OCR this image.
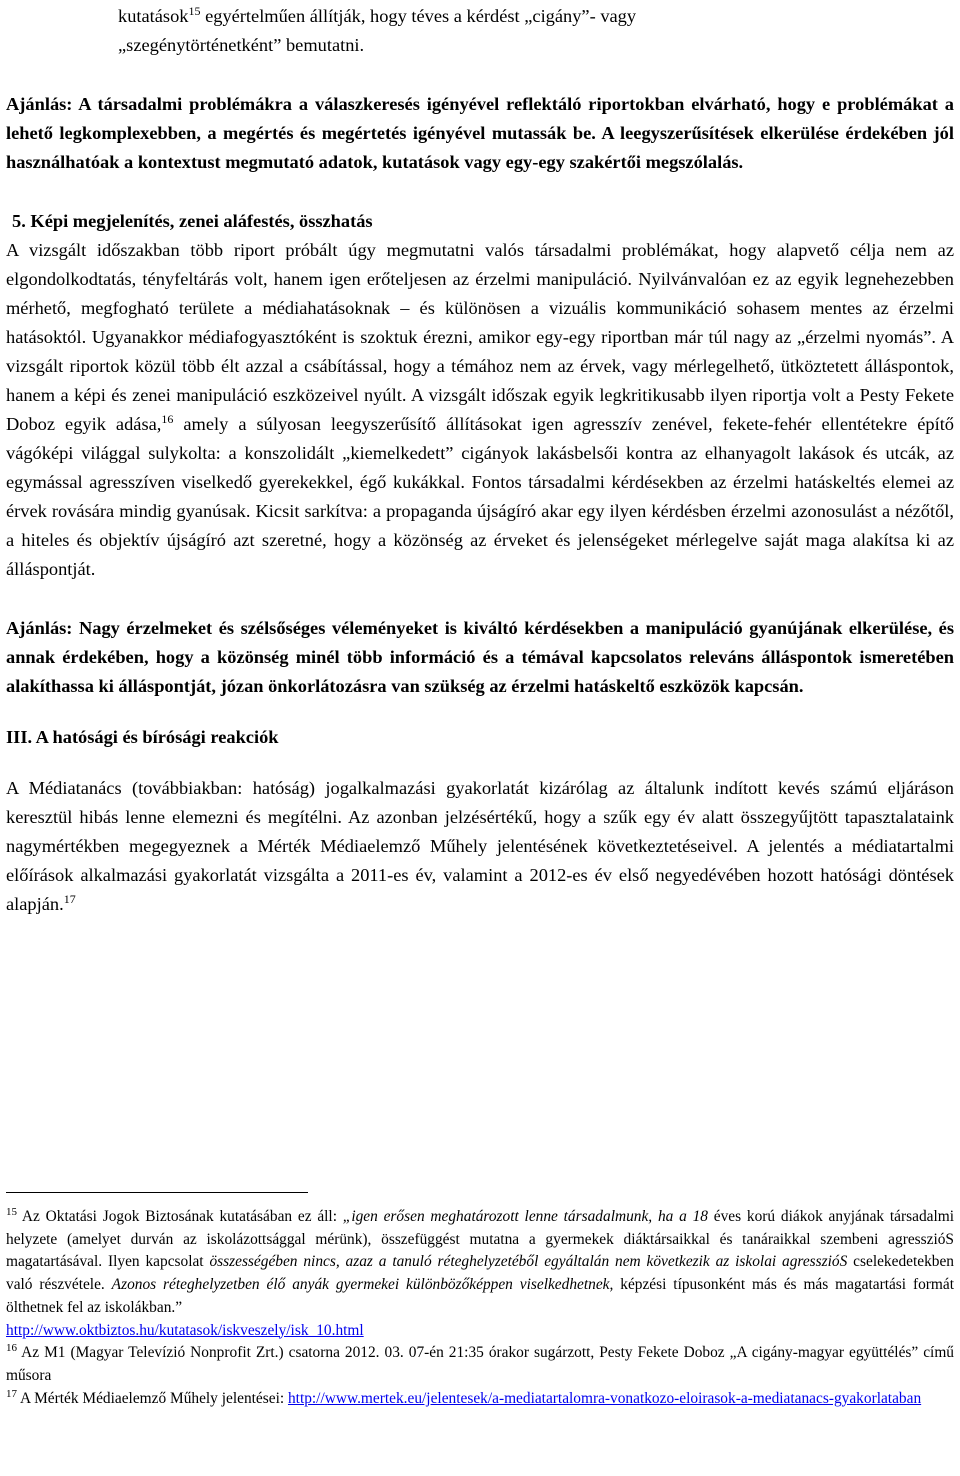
kutatások$^{15}$ egyértelműen állítják, hogy téves a kérdést „cigány”- vagy
„szegénytörténetként” bemutatni.

Ajánlás: A társadalmi problémákra a válaszkeresés igényével reflektáló riportokban elvárható, hogy e problémákat a lehető legkomplexebben, a megértés és megértetés igényével mutassák be. A leegyszerűsítések elkerülése érdekében jól használhatóak a kontextust megmutató adatok, kutatások vagy egy-egy szakértői megszólalás.

5. Képi megjelenítés, zenei aláfestés, összhatás

A vizsgált időszakban több riport próbált úgy megmutatni valós társadalmi problémákat, hogy alapvető célja nem az elgondolkodtatás, tényfeltárás volt, hanem igen erőteljesen az érzelmi manipuláció. Nyilvánvalóan ez az egyik legnehezebben mérhető, megfogható területe a médiahatásoknak – és különösen a vizuális kommunikáció sohasem mentes az érzelmi hatásoktól. Ugyanakkor médiafogyasztóként is szoktuk érezni, amikor egy-egy riportban már túl nagy az „érzelmi nyomás”. A vizsgált riportok közül több élt azzal a csábítással, hogy a témához nem az érvek, vagy mérlegelhető, ütköztetett álláspontok, hanem a képi és zenei manipuláció eszközeivel nyúlt. A vizsgált időszak egyik legkritikusabb ilyen riportja volt a Pesty Fekete Doboz egyik adása,$^{16}$ amely a súlyosan leegyszerűsítő állításokat igen agresszív zenével, fekete-fehér ellentétekre építő vágóképi világgal sulykolta: a konszolidált „kiemelkedett” cigányok lakásbelsői kontra az elhanyagolt lakások és utcák, az egymással agresszíven viselkedő gyerekekkel, égő kukákkal. Fontos társadalmi kérdésekben az érzelmi hatáskeltés elemei az érvek rovására mindig gyanúsak. Kicsit sarkítva: a propaganda újságíró akar egy ilyen kérdésben érzelmi azonosulást a nézőtől, a hiteles és objektív újságíró azt szeretné, hogy a közönség az érveket és jelenségeket mérlegelve saját maga alakítsa ki az álláspontját.

Ajánlás: Nagy érzelmeket és szélsőséges véleményeket is kiváltó kérdésekben a manipuláció gyanújának elkerülése, és annak érdekében, hogy a közönség minél több információ és a témával kapcsolatos releváns álláspontok ismeretében alakíthassa ki álláspontját, józan önkorlátozásra van szükség az érzelmi hatáskeltő eszközök kapcsán.

III. A hatósági és bírósági reakciók

A Médiatanács (továbbiakban: hatóság) jogalkalmazási gyakorlatát kizárólag az általunk indított kevés számú eljáráson keresztül hibás lenne elemezni és megítélni. Az azonban jelzésértékű, hogy a szűk egy év alatt összegyűjtött tapasztalataink nagymértékben megegyeznek a Mérték Médiaelemző Műhely jelentésének következtetéseivel. A jelentés a médiatartalmi előírások alkalmazási gyakorlatát vizsgálta a 2011-es év, valamint a 2012-es év első negyedévében hozott hatósági döntések alapján.$^{17}$

$^{15}$ Az Oktatási Jogok Biztosának kutatásában ez áll: „igen erősen meghatározott lenne társadalmunk, ha a 18 éves korú diákok anyjának társadalmi helyzete (amelyet durván az iskolázottsággal mérünk), összefüggést mutatna a gyermekek diáktársaikkal és tanáraikkal szembeni agresszióS magatartásával. Ilyen kapcsolat összességében nincs, azaz a tanuló réteghelyzetéből egyáltalán nem következik az iskolai agresszióS cselekedetekben való részvétele. Azonos réteghelyzetben élő anyák gyermekei különbözőképpen viselkedhetnek, képzési típusonként más és más magatartási formát ölthetnek fel az iskolákban.”
http://www.oktbiztos.hu/kutatasok/iskveszely/isk_10.html

$^{16}$ Az M1 (Magyar Televízió Nonprofit Zrt.) csatorna 2012. 03. 07-én 21:35 órakor sugárzott, Pesty Fekete Doboz „A cigány-magyar együttélés” című műsora

$^{17}$ A Mérték Médiaelemző Műhely jelentései: http://www.mertek.eu/jelentesek/a-mediatartalomra-vonatkozo-eloirasok-a-mediatanacs-gyakorlataban
